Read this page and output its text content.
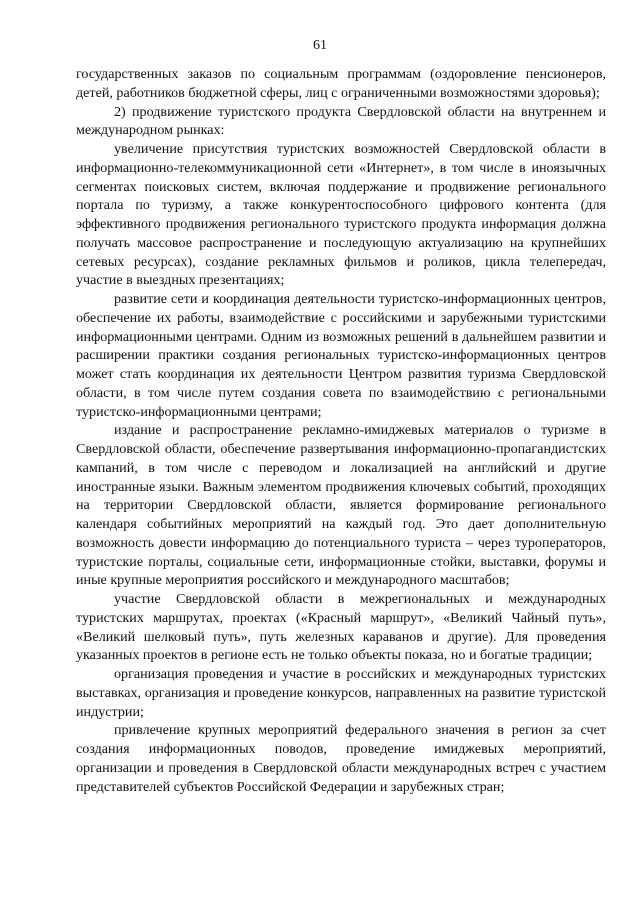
61

государственных заказов по социальным программам (оздоровление пенсионеров, детей, работников бюджетной сферы, лиц с ограниченными возможностями здоровья);

2) продвижение туристского продукта Свердловской области на внутреннем и международном рынках:

увеличение присутствия туристских возможностей Свердловской области в информационно-телекоммуникационной сети «Интернет», в том числе в иноязычных сегментах поисковых систем, включая поддержание и продвижение регионального портала по туризму, а также конкурентоспособного цифрового контента (для эффективного продвижения регионального туристского продукта информация должна получать массовое распространение и последующую актуализацию на крупнейших сетевых ресурсах), создание рекламных фильмов и роликов, цикла телепередач, участие в выездных презентациях;

развитие сети и координация деятельности туристско-информационных центров, обеспечение их работы, взаимодействие с российскими и зарубежными туристскими информационными центрами. Одним из возможных решений в дальнейшем развитии и расширении практики создания региональных туристско-информационных центров может стать координация их деятельности Центром развития туризма Свердловской области, в том числе путем создания совета по взаимодействию с региональными туристско-информационными центрами;

издание и распространение рекламно-имиджевых материалов о туризме в Свердловской области, обеспечение развертывания информационно-пропагандистских кампаний, в том числе с переводом и локализацией на английский и другие иностранные языки. Важным элементом продвижения ключевых событий, проходящих на территории Свердловской области, является формирование регионального календаря событийных мероприятий на каждый год. Это дает дополнительную возможность довести информацию до потенциального туриста – через туроператоров, туристские порталы, социальные сети, информационные стойки, выставки, форумы и иные крупные мероприятия российского и международного масштабов;

участие Свердловской области в межрегиональных и международных туристских маршрутах, проектах («Красный маршрут», «Великий Чайный путь», «Великий шелковый путь», путь железных караванов и другие). Для проведения указанных проектов в регионе есть не только объекты показа, но и богатые традиции;

организация проведения и участие в российских и международных туристских выставках, организация и проведение конкурсов, направленных на развитие туристской индустрии;

привлечение крупных мероприятий федерального значения в регион за счет создания информационных поводов, проведение имиджевых мероприятий, организации и проведения в Свердловской области международных встреч с участием представителей субъектов Российской Федерации и зарубежных стран;
